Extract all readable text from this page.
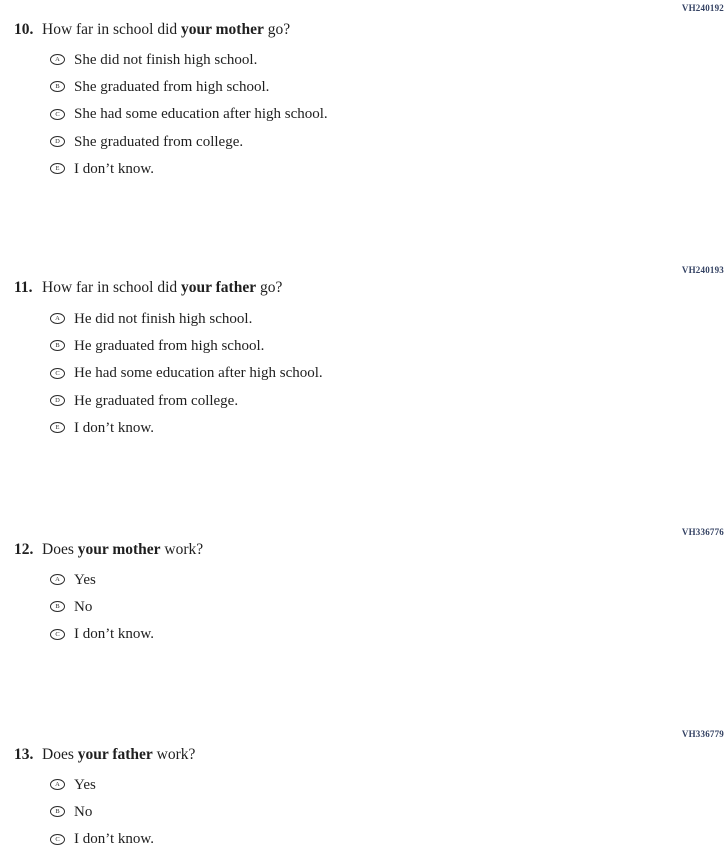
VH240192
10. How far in school did your mother go?
A She did not finish high school.
B She graduated from high school.
C She had some education after high school.
D She graduated from college.
E I don’t know.
VH240193
11. How far in school did your father go?
A He did not finish high school.
B He graduated from high school.
C He had some education after high school.
D He graduated from college.
E I don’t know.
VH336776
12. Does your mother work?
A Yes
B No
C I don’t know.
VH336779
13. Does your father work?
A Yes
B No
C I don’t know.
